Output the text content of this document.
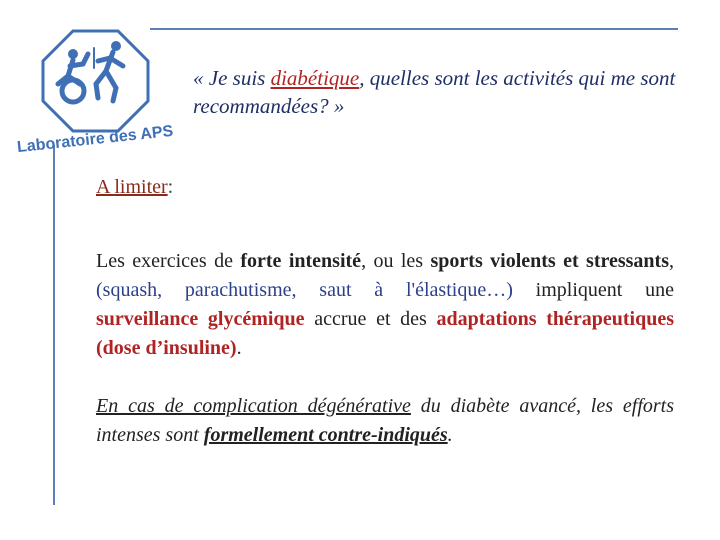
Laboratoire des APS
« Je suis diabétique, quelles sont les activités qui me sont recommandées? »
A limiter:
Les exercices de forte intensité, ou les sports violents et stressants, (squash, parachutisme, saut à l'élastique…) impliquent une surveillance glycémique accrue et des adaptations thérapeutiques (dose d’insuline).
En cas de complication dégénérative du diabète avancé, les efforts intenses sont formellement contre-indiqués.
